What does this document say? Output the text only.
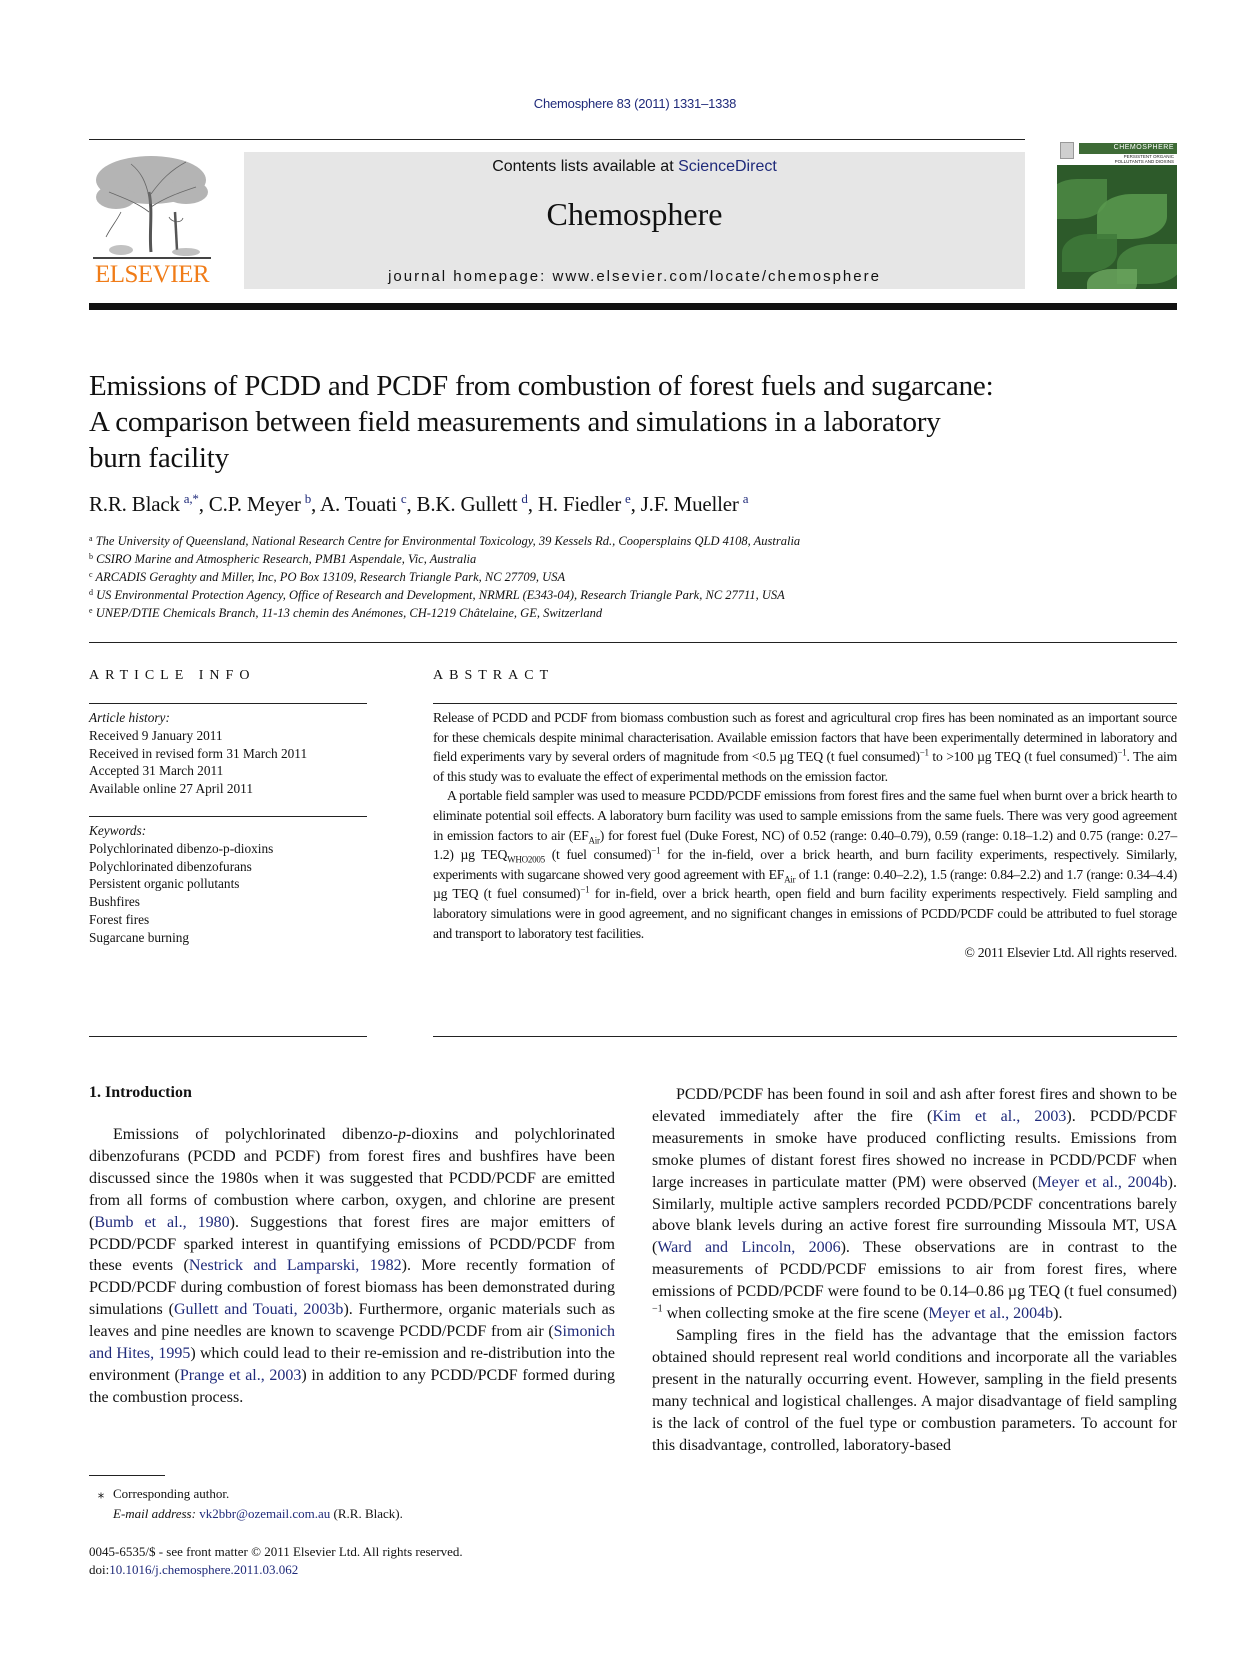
Chemosphere 83 (2011) 1331–1338
ELSEVIER
Contents lists available at ScienceDirect
Chemosphere
journal homepage: www.elsevier.com/locate/chemosphere
CHEMOSPHERE
PERSISTENT ORGANIC
POLLUTANTS AND DIOXINS
Emissions of PCDD and PCDF from combustion of forest fuels and sugarcane:
A comparison between field measurements and simulations in a laboratory
burn facility
R.R. Black  $^{a,*}$, C.P. Meyer  $^b$, A. Touati  $^c$, B.K. Gullett  $^d$, H. Fiedler  $^e$, J.F. Mueller  $^a$
$^a$ The University of Queensland, National Research Centre for Environmental Toxicology, 39 Kessels Rd., Coopersplains QLD 4108, Australia
$^b$ CSIRO Marine and Atmospheric Research, PMB1 Aspendale, Vic, Australia
$^c$ ARCADIS Geraghty and Miller, Inc, PO Box 13109, Research Triangle Park, NC 27709, USA
$^d$ US Environmental Protection Agency, Office of Research and Development, NRMRL (E343-04), Research Triangle Park, NC 27711, USA
$^e$ UNEP/DTIE Chemicals Branch, 11-13 chemin des Anémones, CH-1219 Châtelaine, GE, Switzerland
ARTICLE INFO
Article history:
Received 9 January 2011
Received in revised form 31 March 2011
Accepted 31 March 2011
Available online 27 April 2011
Keywords:
Polychlorinated dibenzo-p-dioxins
Polychlorinated dibenzofurans
Persistent organic pollutants
Bushfires
Forest fires
Sugarcane burning
ABSTRACT

Release of PCDD and PCDF from biomass combustion such as forest and agricultural crop fires has been nominated as an important source for these chemicals despite minimal characterisation. Available emission factors that have been experimentally determined in laboratory and field experiments vary by several orders of magnitude from <0.5 µg TEQ (t fuel consumed)$^{-1}$ to >100 µg TEQ (t fuel consumed)$^{-1}$. The aim of this study was to evaluate the effect of experimental methods on the emission factor.

A portable field sampler was used to measure PCDD/PCDF emissions from forest fires and the same fuel when burnt over a brick hearth to eliminate potential soil effects. A laboratory burn facility was used to sample emissions from the same fuels. There was very good agreement in emission factors to air $(EF_{Air})$ for forest fuel (Duke Forest, NC) of 0.52 (range: 0.40–0.79), 0.59 (range: 0.18–1.2) and 0.75 (range: 0.27–1.2) µg $TEQ_{WHO2005}$ (t fuel consumed)$^{-1}$ for the in-field, over a brick hearth, and burn facility experiments, respectively. Similarly, experiments with sugarcane showed very good agreement with $EF_{Air}$ of 1.1 (range: 0.40–2.2), 1.5 (range: 0.84–2.2) and 1.7 (range: 0.34–4.4) µg TEQ (t fuel consumed)$^{-1}$ for in-field, over a brick hearth, open field and burn facility experiments respectively. Field sampling and laboratory simulations were in good agreement, and no significant changes in emissions of PCDD/PCDF could be attributed to fuel storage and transport to laboratory test facilities.

© 2011 Elsevier Ltd. All rights reserved.

1. Introduction

Emissions of polychlorinated dibenzo-p-dioxins and polychlorinated dibenzofurans (PCDD and PCDF) from forest fires and bushfires have been discussed since the 1980s when it was suggested that PCDD/PCDF are emitted from all forms of combustion where carbon, oxygen, and chlorine are present (Bumb et al., 1980). Suggestions that forest fires are major emitters of PCDD/PCDF sparked interest in quantifying emissions of PCDD/PCDF from these events (Nestrick and Lamparski, 1982). More recently formation of PCDD/PCDF during combustion of forest biomass has been demonstrated during simulations (Gullett and Touati, 2003b). Furthermore, organic materials such as leaves and pine needles are known to scavenge PCDD/PCDF from air (Simonich and Hites, 1995) which could lead to their re-emission and re-distribution into the environment (Prange et al., 2003) in addition to any PCDD/PCDF formed during the combustion process.

PCDD/PCDF has been found in soil and ash after forest fires and shown to be elevated immediately after the fire (Kim et al., 2003). PCDD/PCDF measurements in smoke have produced conflicting results. Emissions from smoke plumes of distant forest fires showed no increase in PCDD/PCDF when large increases in particulate matter (PM) were observed (Meyer et al., 2004b). Similarly, multiple active samplers recorded PCDD/PCDF concentrations barely above blank levels during an active forest fire surrounding Missoula MT, USA (Ward and Lincoln, 2006). These observations are in contrast to the measurements of PCDD/PCDF emissions to air from forest fires, where emissions of PCDD/PCDF were found to be 0.14–0.86 µg TEQ (t fuel consumed)$^{-1}$ when collecting smoke at the fire scene (Meyer et al., 2004b).

Sampling fires in the field has the advantage that the emission factors obtained should represent real world conditions and incorporate all the variables present in the naturally occurring event. However, sampling in the field presents many technical and logistical challenges. A major disadvantage of field sampling is the lack of control of the fuel type or combustion parameters. To account for this disadvantage, controlled, laboratory-based

⁎ Corresponding author.
E-mail address: vk2bbr@ozemail.com.au (R.R. Black).
0045-6535/$ - see front matter © 2011 Elsevier Ltd. All rights reserved.
doi:10.1016/j.chemosphere.2011.03.062
